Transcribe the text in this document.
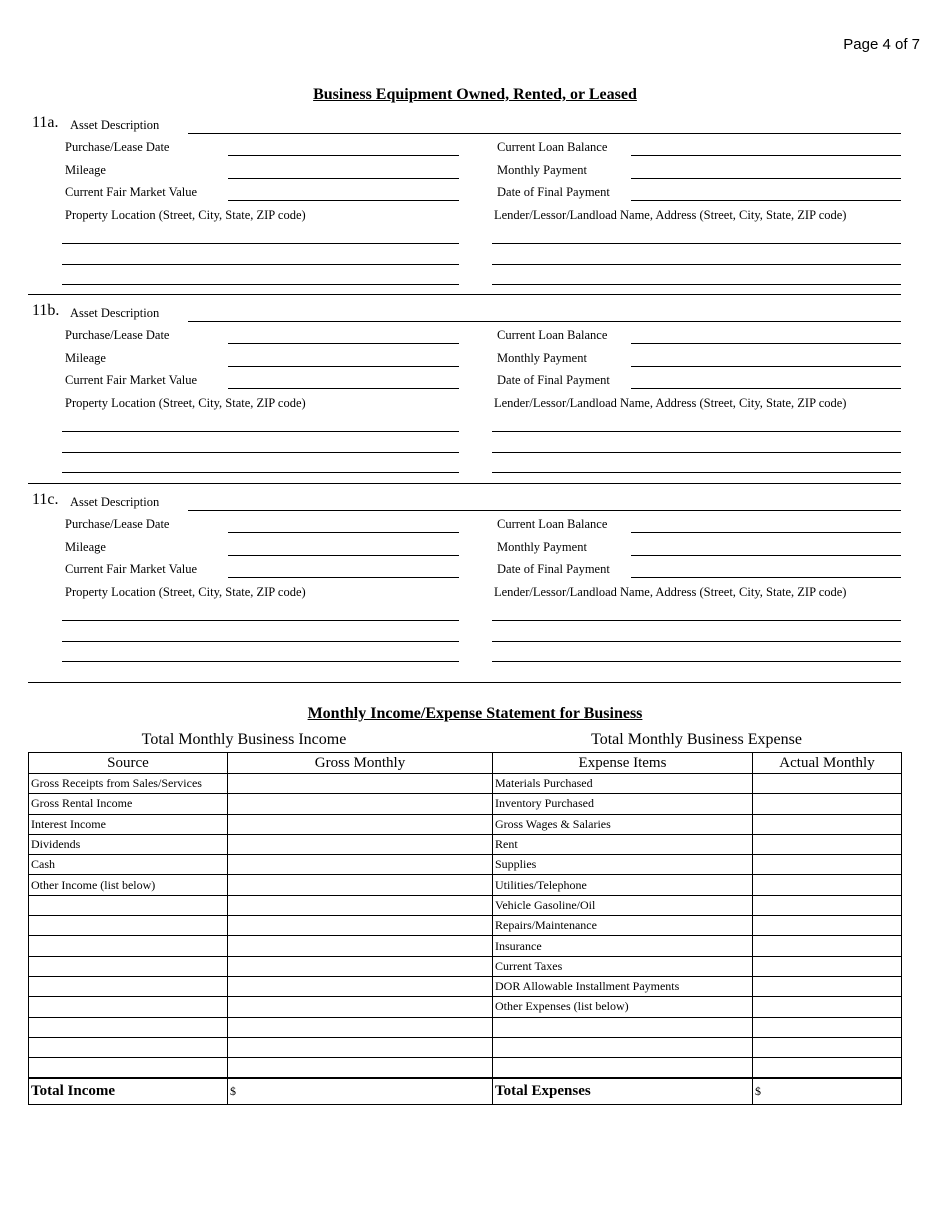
Page 4 of 7
Business Equipment Owned, Rented, or Leased
11a. Asset Description
Purchase/Lease Date
Mileage
Current Fair Market Value
Property Location (Street, City, State, ZIP code)
Current Loan Balance
Monthly Payment
Date of Final Payment
Lender/Lessor/Landload Name, Address (Street, City, State, ZIP code)
11b. Asset Description
Purchase/Lease Date
Mileage
Current Fair Market Value
Property Location (Street, City, State, ZIP code)
Current Loan Balance
Monthly Payment
Date of Final Payment
Lender/Lessor/Landload Name, Address (Street, City, State, ZIP code)
11c. Asset Description
Purchase/Lease Date
Mileage
Current Fair Market Value
Property Location (Street, City, State, ZIP code)
Current Loan Balance
Monthly Payment
Date of Final Payment
Lender/Lessor/Landload Name, Address (Street, City, State, ZIP code)
Monthly Income/Expense Statement for Business
Total Monthly Business Income	Total Monthly Business Expense
Source	Gross Monthly	Expense Items	Actual Monthly
Gross Receipts from Sales/Services		Materials Purchased	
Gross Rental Income		Inventory Purchased	
Interest Income		Gross Wages & Salaries	
Dividends		Rent	
Cash		Supplies	
Other Income (list below)		Utilities/Telephone	
		Vehicle Gasoline/Oil	
		Repairs/Maintenance	
		Insurance	
		Current Taxes	
		DOR Allowable Installment Payments	
		Other Expenses (list below)	

Total Income	$	Total Expenses	$
